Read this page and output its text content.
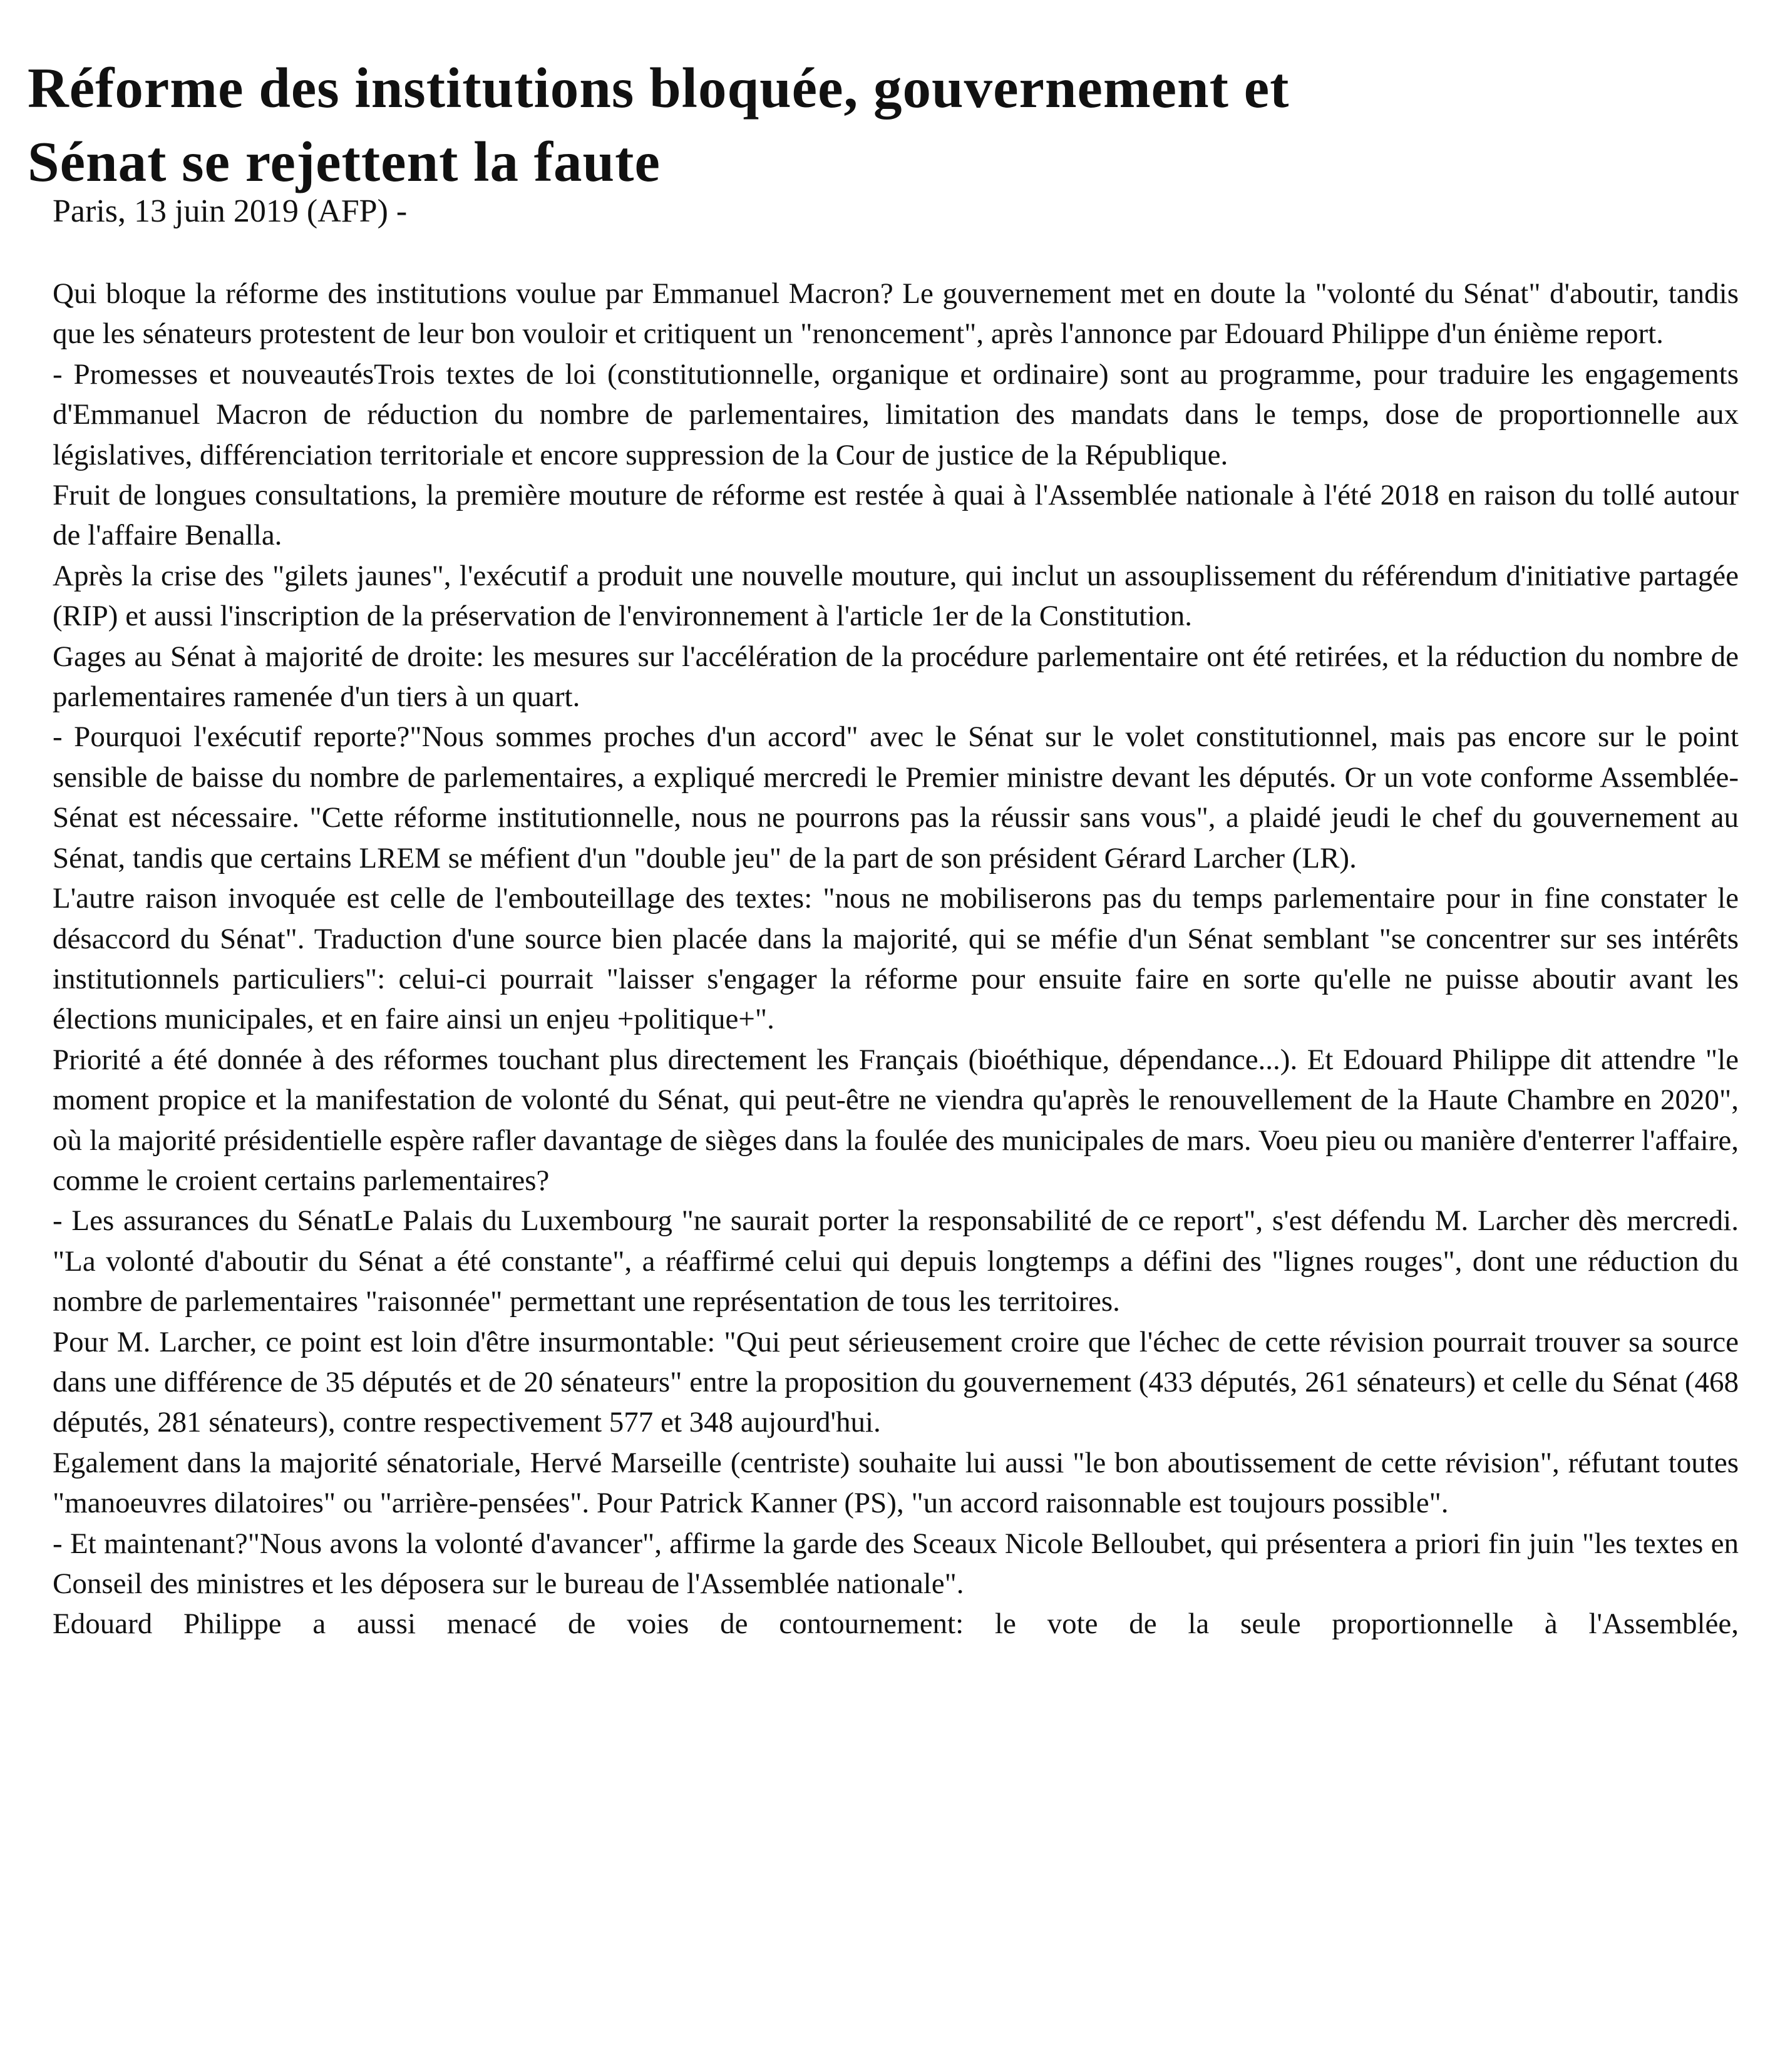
Réforme des institutions bloquée, gouvernement et
Sénat se rejettent la faute

Paris, 13 juin 2019 (AFP) -

Qui bloque la réforme des institutions voulue par Emmanuel Macron? Le gouvernement met en doute la "volonté du Sénat" d'aboutir, tandis que les sénateurs protestent de leur bon vouloir et critiquent un "renoncement", après l'annonce par Edouard Philippe d'un énième report.

- Promesses et nouveautésTrois textes de loi (constitutionnelle, organique et ordinaire) sont au programme, pour traduire les engagements d'Emmanuel Macron de réduction du nombre de parlementaires, limitation des mandats dans le temps, dose de proportionnelle aux législatives, différenciation territoriale et encore suppression de la Cour de justice de la République.

Fruit de longues consultations, la première mouture de réforme est restée à quai à l'Assemblée nationale à l'été 2018 en raison du tollé autour de l'affaire Benalla.

Après la crise des "gilets jaunes", l'exécutif a produit une nouvelle mouture, qui inclut un assouplissement du référendum d'initiative partagée (RIP) et aussi l'inscription de la préservation de l'environnement à l'article 1er de la Constitution.

Gages au Sénat à majorité de droite: les mesures sur l'accélération de la procédure parlementaire ont été retirées, et la réduction du nombre de parlementaires ramenée d'un tiers à un quart.

- Pourquoi l'exécutif reporte?"Nous sommes proches d'un accord" avec le Sénat sur le volet constitutionnel, mais pas encore sur le point sensible de baisse du nombre de parlementaires, a expliqué mercredi le Premier ministre devant les députés. Or un vote conforme Assemblée-Sénat est nécessaire. "Cette réforme institutionnelle, nous ne pourrons pas la réussir sans vous", a plaidé jeudi le chef du gouvernement au Sénat, tandis que certains LREM se méfient d'un "double jeu" de la part de son président Gérard Larcher (LR).

L'autre raison invoquée est celle de l'embouteillage des textes: "nous ne mobiliserons pas du temps parlementaire pour in fine constater le désaccord du Sénat". Traduction d'une source bien placée dans la majorité, qui se méfie d'un Sénat semblant "se concentrer sur ses intérêts institutionnels particuliers": celui-ci pourrait "laisser s'engager la réforme pour ensuite faire en sorte qu'elle ne puisse aboutir avant les élections municipales, et en faire ainsi un enjeu +politique+".

Priorité a été donnée à des réformes touchant plus directement les Français (bioéthique, dépendance...). Et Edouard Philippe dit attendre "le moment propice et la manifestation de volonté du Sénat, qui peut-être ne viendra qu'après le renouvellement de la Haute Chambre en 2020", où la majorité présidentielle espère rafler davantage de sièges dans la foulée des municipales de mars. Voeu pieu ou manière d'enterrer l'affaire, comme le croient certains parlementaires?

- Les assurances du SénatLe Palais du Luxembourg "ne saurait porter la responsabilité de ce report", s'est défendu M. Larcher dès mercredi. "La volonté d'aboutir du Sénat a été constante", a réaffirmé celui qui depuis longtemps a défini des "lignes rouges", dont une réduction du nombre de parlementaires "raisonnée" permettant une représentation de tous les territoires.

Pour M. Larcher, ce point est loin d'être insurmontable: "Qui peut sérieusement croire que l'échec de cette révision pourrait trouver sa source dans une différence de 35 députés et de 20 sénateurs" entre la proposition du gouvernement (433 députés, 261 sénateurs) et celle du Sénat (468 députés, 281 sénateurs), contre respectivement 577 et 348 aujourd'hui.

Egalement dans la majorité sénatoriale, Hervé Marseille (centriste) souhaite lui aussi "le bon aboutissement de cette révision", réfutant toutes "manoeuvres dilatoires" ou "arrière-pensées". Pour Patrick Kanner (PS), "un accord raisonnable est toujours possible".

- Et maintenant?"Nous avons la volonté d'avancer", affirme la garde des Sceaux Nicole Belloubet, qui présentera a priori fin juin "les textes en Conseil des ministres et les déposera sur le bureau de l'Assemblée nationale".

Edouard Philippe a aussi menacé de voies de contournement: le vote de la seule proportionnelle à l'Assemblée,
